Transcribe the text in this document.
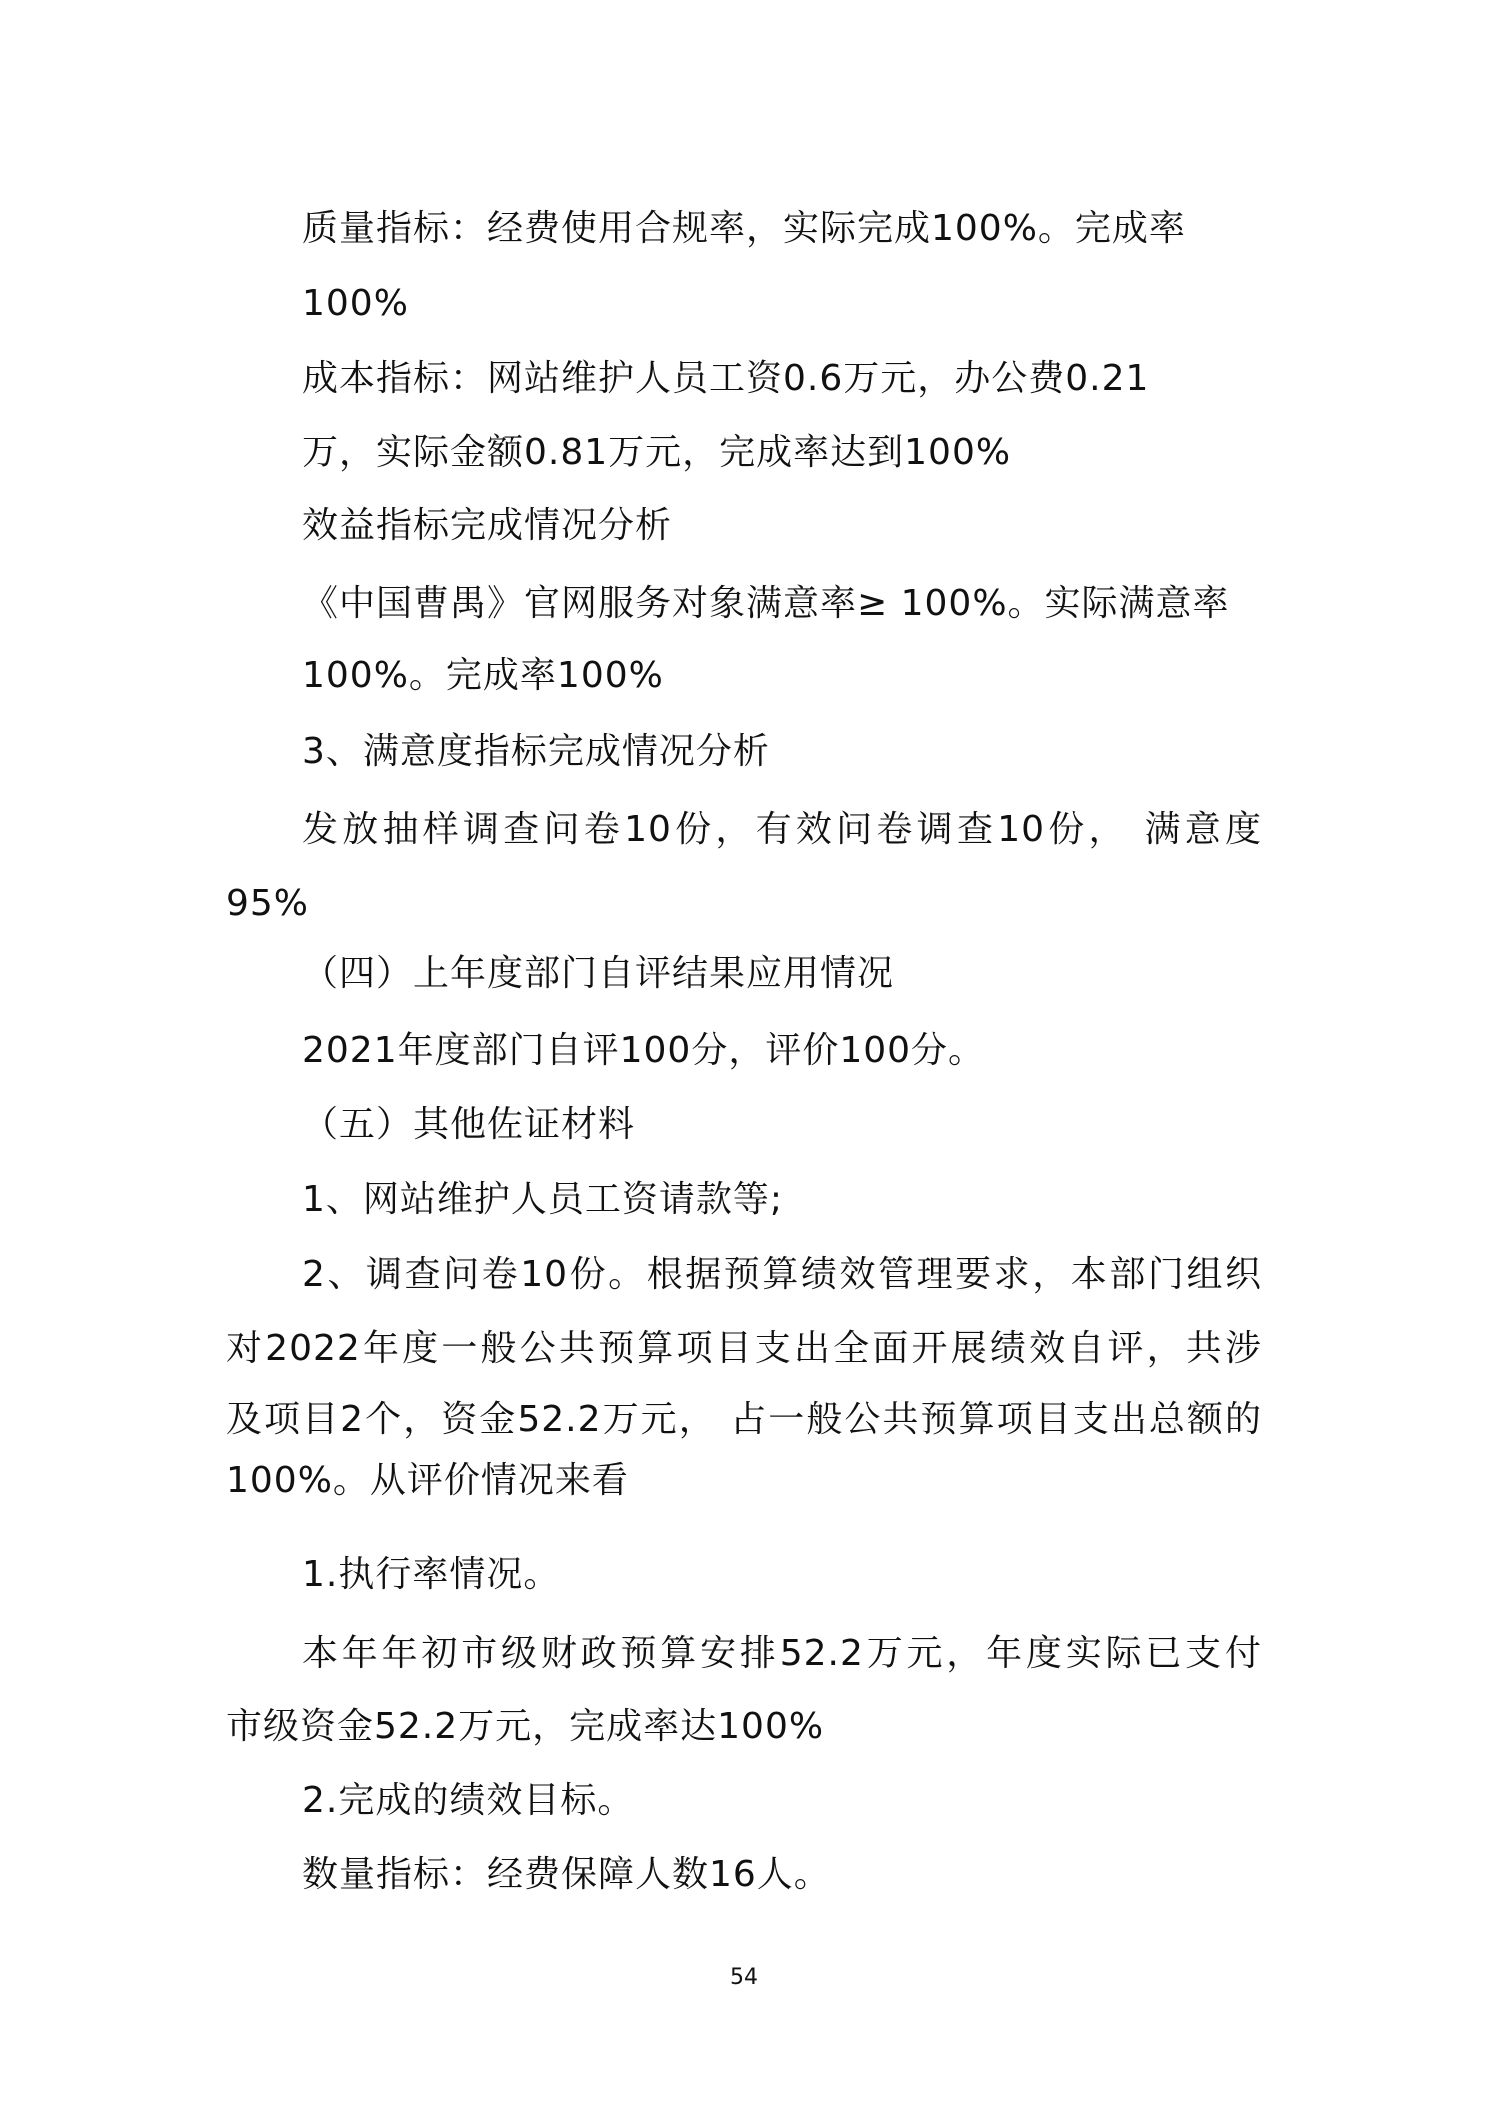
质量指标：经费使用合规率，实际完成100%。完成率

100%

成本指标：网站维护人员工资0.6万元，办公费0.21

万，实际金额0.81万元，完成率达到100%

效益指标完成情况分析

《中国曹禺》官网服务对象满意率≥ 100%。实际满意率

100%。完成率100%

3、满意度指标完成情况分析

发放抽样调查问卷10份，有效问卷调查10份， 满意度

95%

（四）上年度部门自评结果应用情况

2021年度部门自评100分，评价100分。

（五）其他佐证材料

1、网站维护人员工资请款等;

2、调查问卷10份。根据预算绩效管理要求，本部门组织

对2022年度一般公共预算项目支出全面开展绩效自评，共涉

及项目2个，资金52.2万元， 占一般公共预算项目支出总额的

100%。从评价情况来看

1.执行率情况。

本年年初市级财政预算安排52.2万元，年度实际已支付

市级资金52.2万元，完成率达100%

2.完成的绩效目标。

数量指标：经费保障人数16人。

54
